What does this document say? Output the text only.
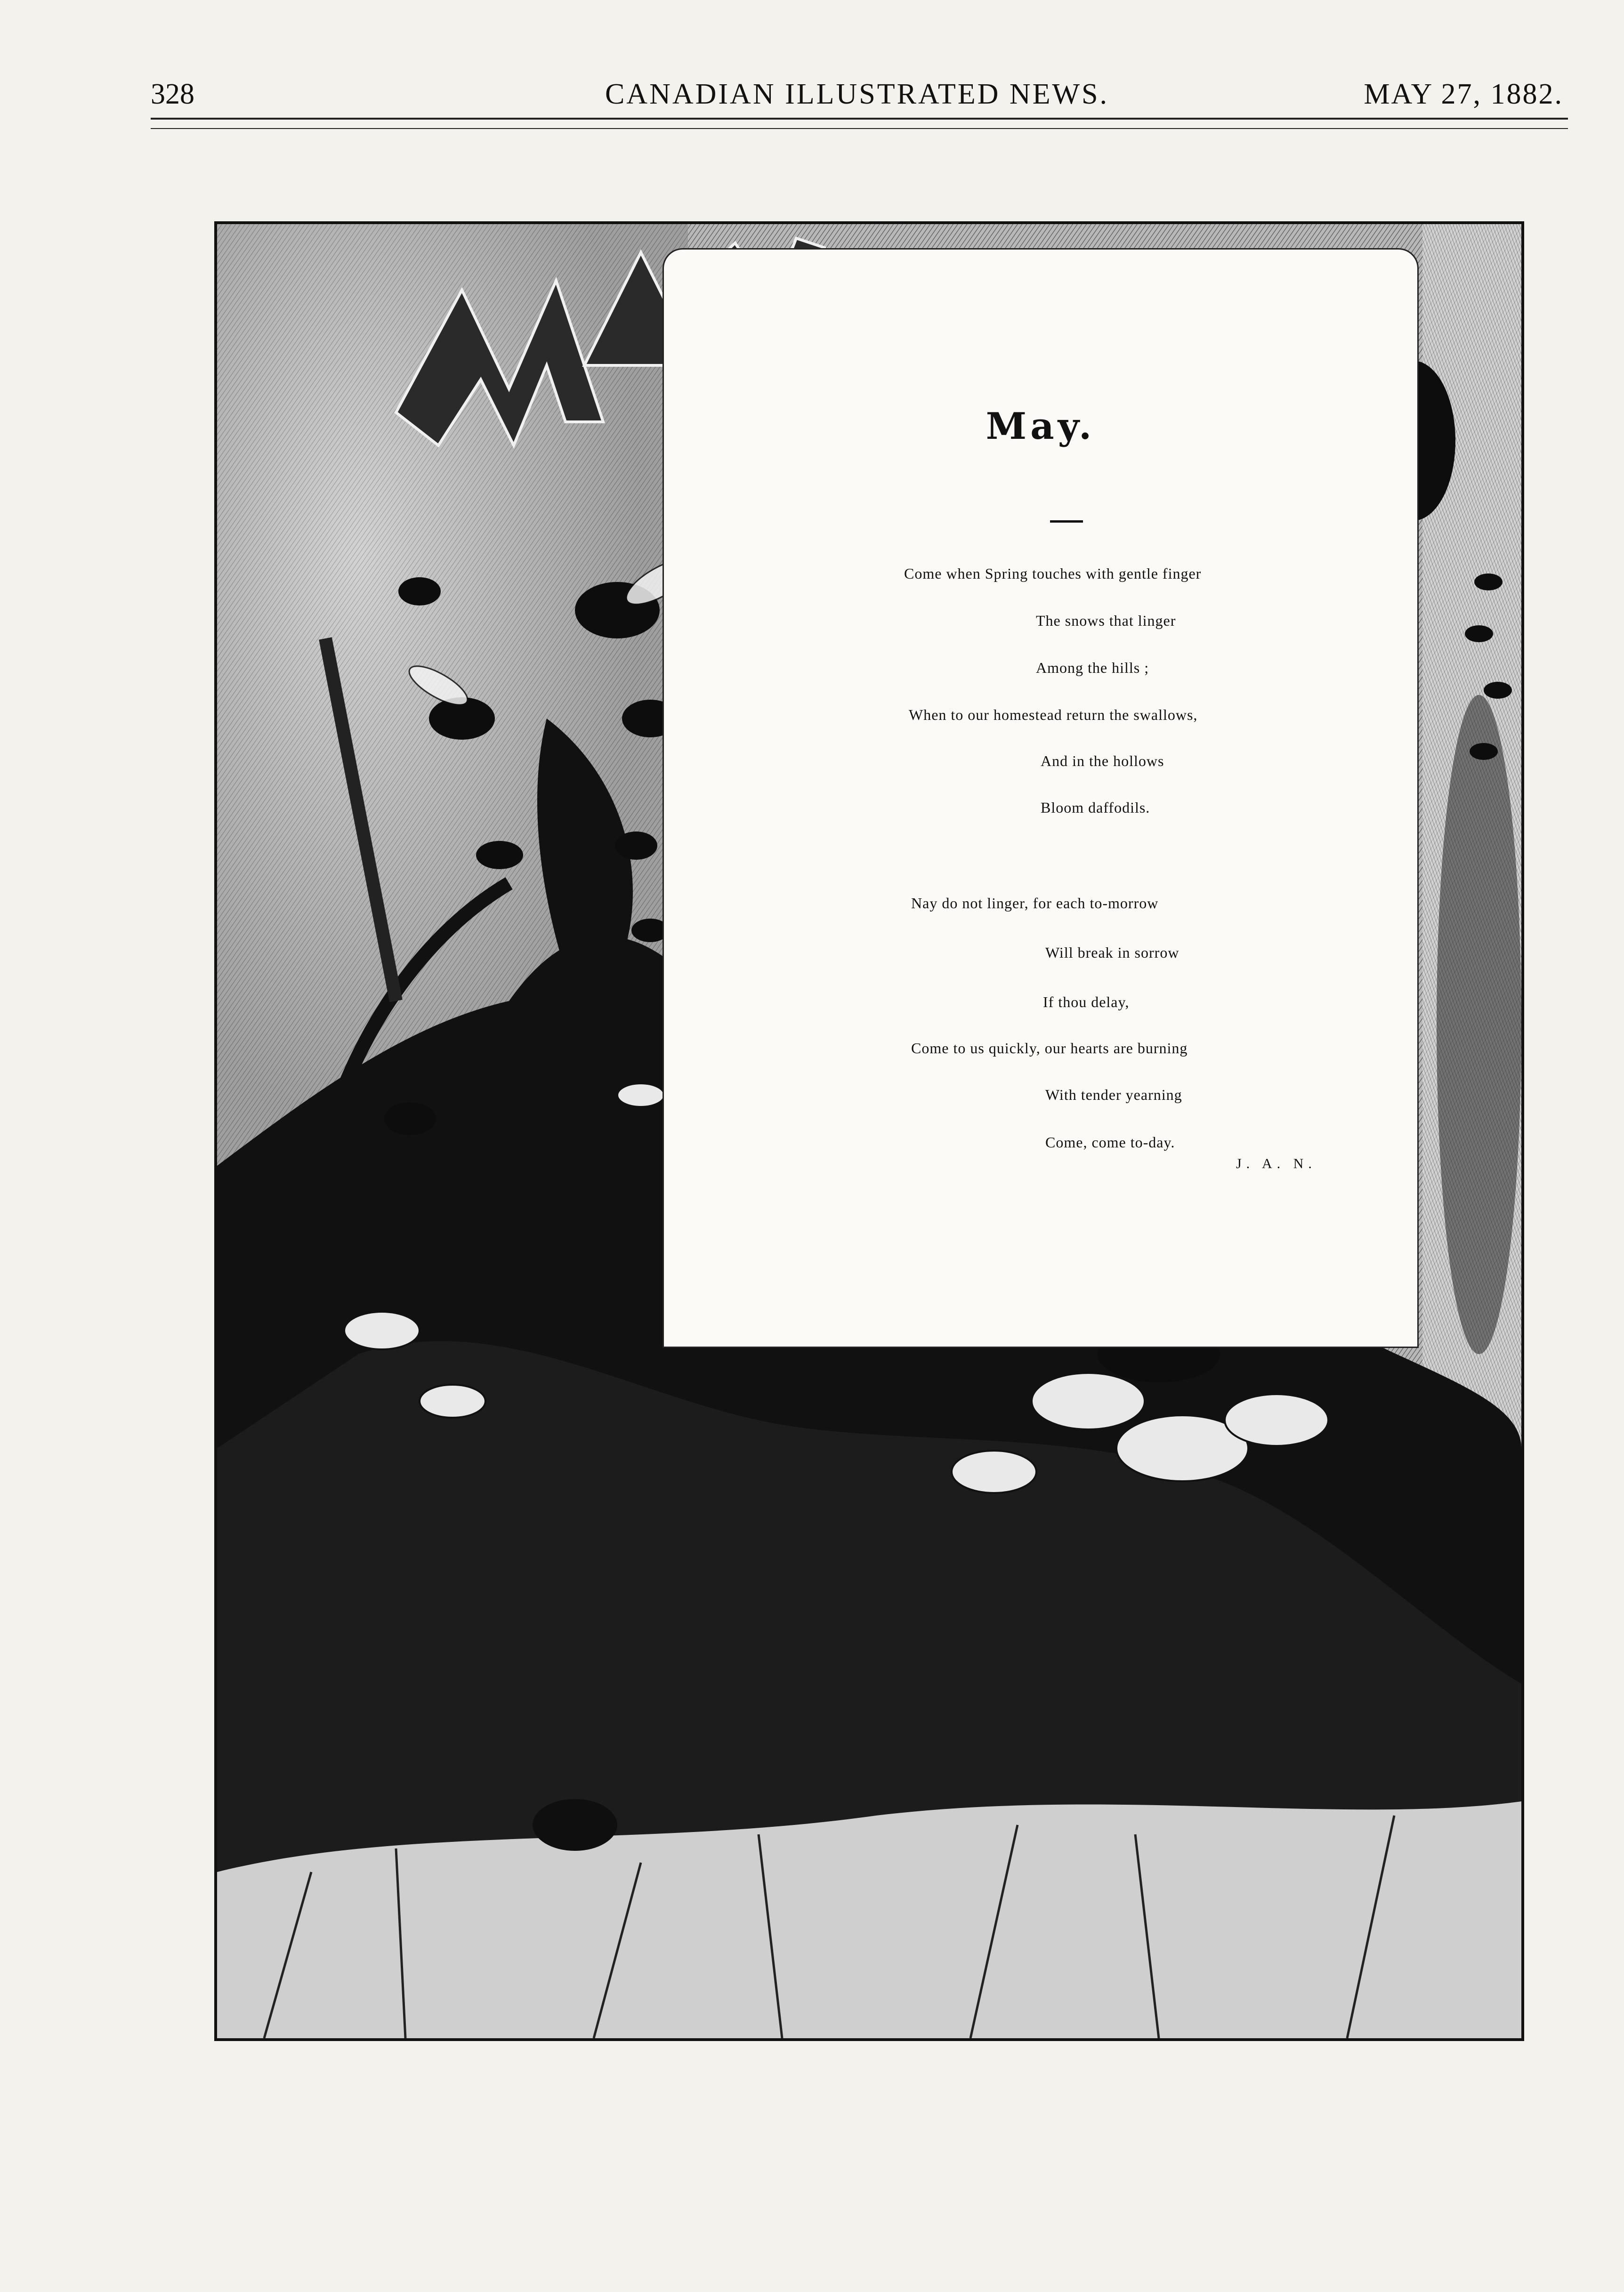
328	CANADIAN ILLUSTRATED NEWS.	MAY 27, 1882.
May.
Come when Spring touches with gentle finger
The snows that linger
Among the hills ;
When to our homestead return the swallows,
And in the hollows
Bloom daffodils.
Nay do not linger, for each to-morrow
Will break in sorrow
If thou delay,
Come to us quickly, our hearts are burning
With tender yearning
Come, come to-day.
J. A. N.
